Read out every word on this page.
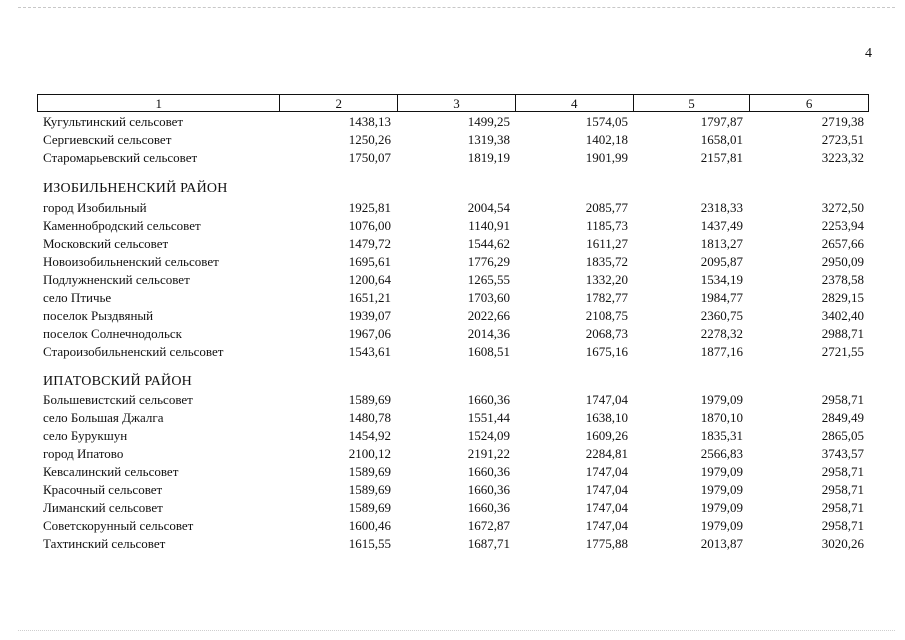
4
1	2	3	4	5	6
Кугультинский сельсовет	1438,13	1499,25	1574,05	1797,87	2719,38
Сергиевский сельсовет	1250,26	1319,38	1402,18	1658,01	2723,51
Старомарьевский сельсовет	1750,07	1819,19	1901,99	2157,81	3223,32
ИЗОБИЛЬНЕНСКИЙ РАЙОН
город Изобильный	1925,81	2004,54	2085,77	2318,33	3272,50
Каменнобродский сельсовет	1076,00	1140,91	1185,73	1437,49	2253,94
Московский сельсовет	1479,72	1544,62	1611,27	1813,27	2657,66
Новоизобильненский сельсовет	1695,61	1776,29	1835,72	2095,87	2950,09
Подлужненский сельсовет	1200,64	1265,55	1332,20	1534,19	2378,58
село Птичье	1651,21	1703,60	1782,77	1984,77	2829,15
поселок Рыздвяный	1939,07	2022,66	2108,75	2360,75	3402,40
поселок Солнечнодольск	1967,06	2014,36	2068,73	2278,32	2988,71
Староизобильненский сельсовет	1543,61	1608,51	1675,16	1877,16	2721,55
ИПАТОВСКИЙ РАЙОН
Большевистский сельсовет	1589,69	1660,36	1747,04	1979,09	2958,71
село Большая Джалга	1480,78	1551,44	1638,10	1870,10	2849,49
село Бурукшун	1454,92	1524,09	1609,26	1835,31	2865,05
город Ипатово	2100,12	2191,22	2284,81	2566,83	3743,57
Кевсалинский сельсовет	1589,69	1660,36	1747,04	1979,09	2958,71
Красочный сельсовет	1589,69	1660,36	1747,04	1979,09	2958,71
Лиманский сельсовет	1589,69	1660,36	1747,04	1979,09	2958,71
Советскорунный сельсовет	1600,46	1672,87	1747,04	1979,09	2958,71
Тахтинский сельсовет	1615,55	1687,71	1775,88	2013,87	3020,26
